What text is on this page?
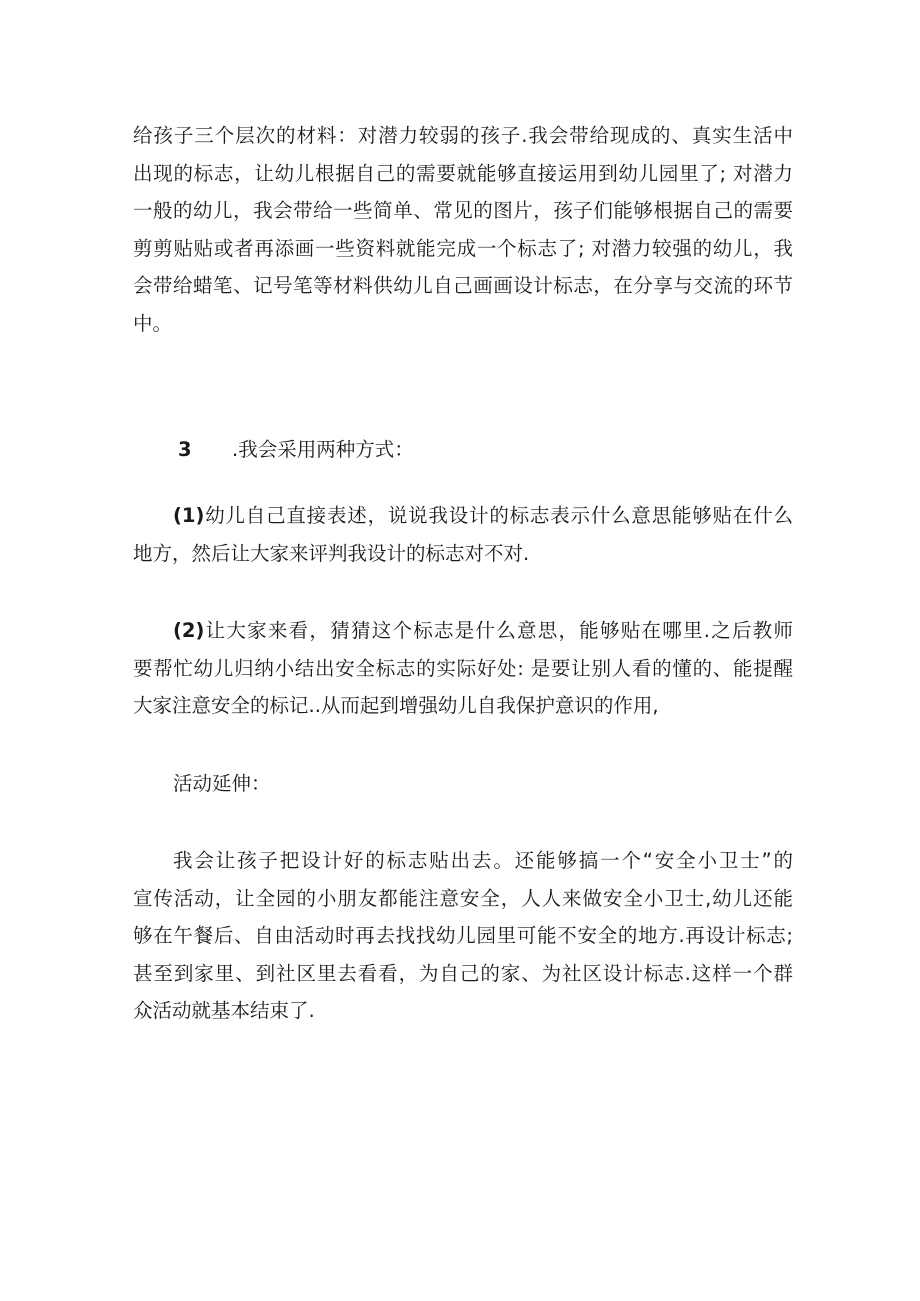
给孩子三个层次的材料：对潜力较弱的孩子.我会带给现成的、真实生活中
出现的标志，让幼儿根据自己的需要就能够直接运用到幼儿园里了; 对潜力
一般的幼儿，我会带给一些简单、常见的图片，孩子们能够根据自己的需要
剪剪贴贴或者再添画一些资料就能完成一个标志了; 对潜力较强的幼儿，我
会带给蜡笔、记号笔等材料供幼儿自己画画设计标志，在分享与交流的环节
中。

3 .我会采用两种方式：

(1)幼儿自己直接表述，说说我设计的标志表示什么意思能够贴在什么
地方，然后让大家来评判我设计的标志对不对.

(2)让大家来看，猜猜这个标志是什么意思，能够贴在哪里.之后教师
要帮忙幼儿归纳小结出安全标志的实际好处: 是要让别人看的懂的、能提醒
大家注意安全的标记..从而起到增强幼儿自我保护意识的作用,

活动延伸：

我会让孩子把设计好的标志贴出去。还能够搞一个“安全小卫士”的
宣传活动，让全园的小朋友都能注意安全，人人来做安全小卫士,幼儿还能
够在午餐后、自由活动时再去找找幼儿园里可能不安全的地方.再设计标志;
甚至到家里、到社区里去看看，为自己的家、为社区设计标志.这样一个群
众活动就基本结束了.
